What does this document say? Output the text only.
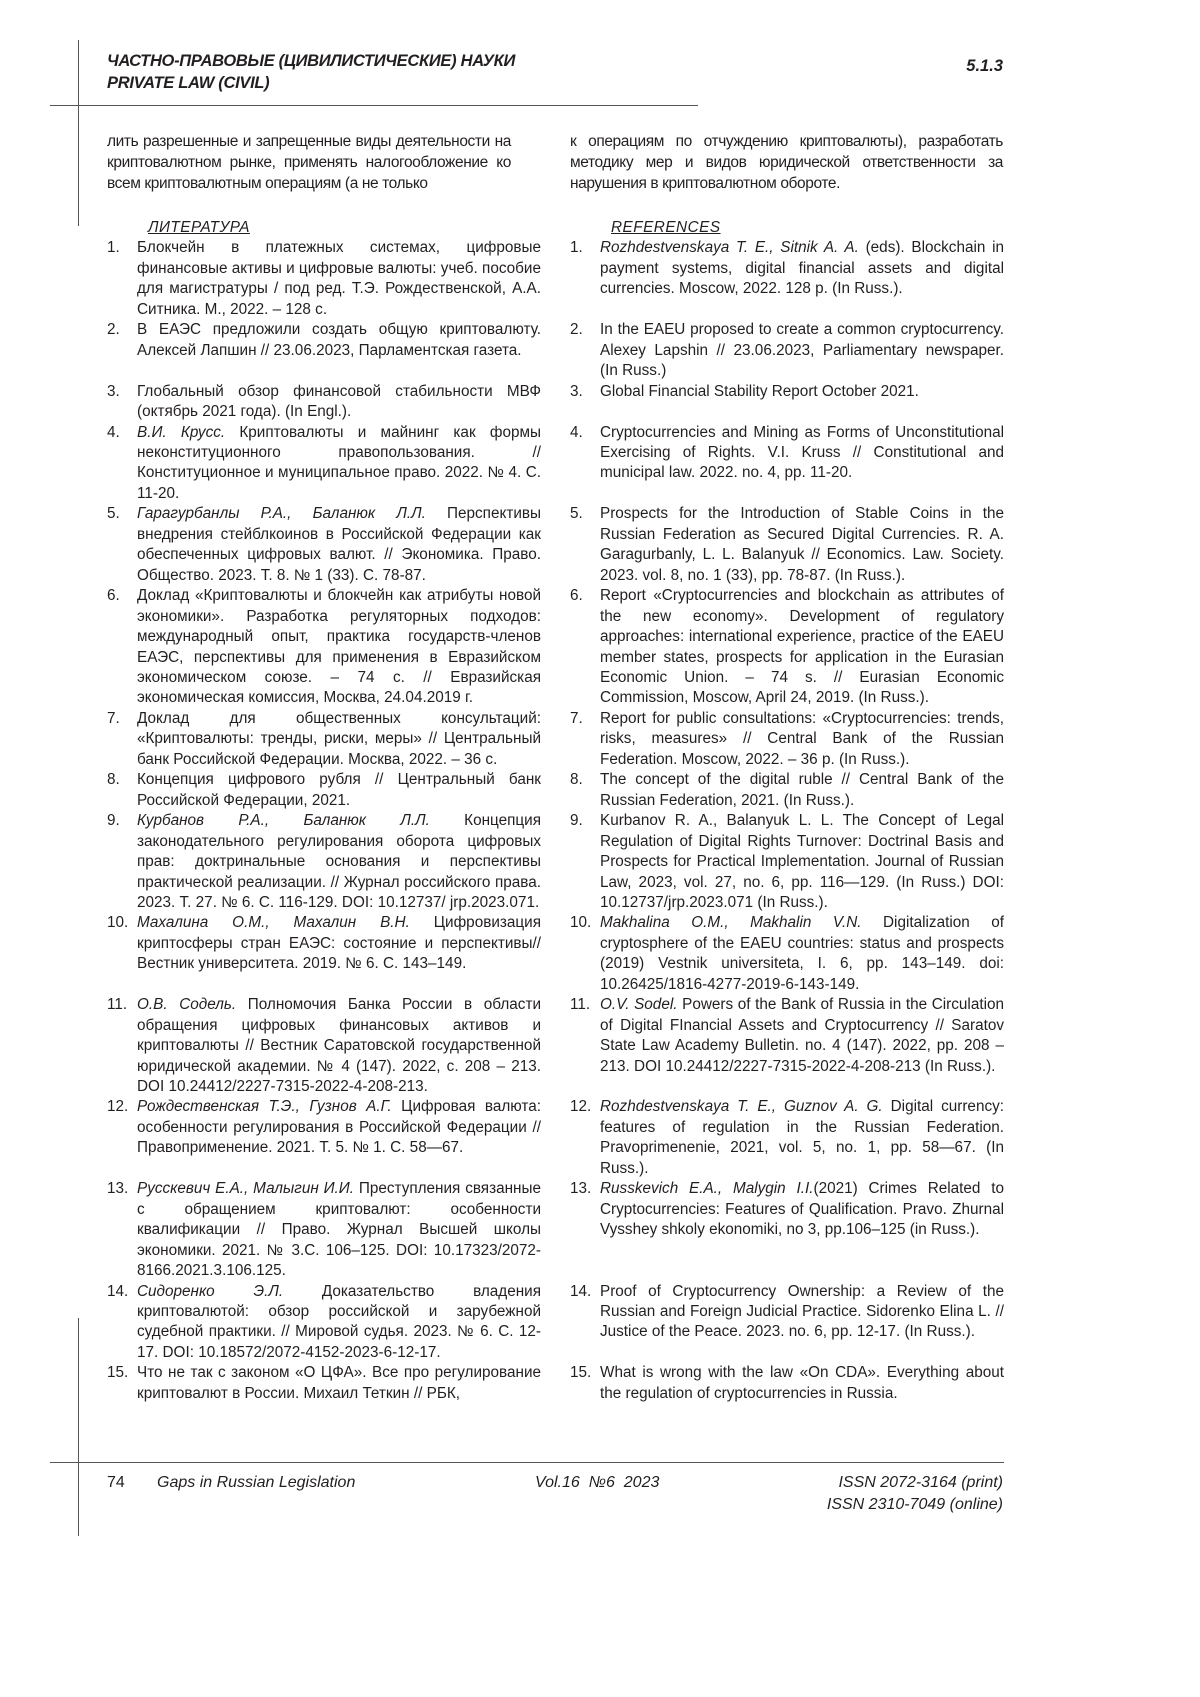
ЧАСТНО-ПРАВОВЫЕ (ЦИВИЛИСТИЧЕСКИЕ) НАУКИ
PRIVATE LAW (CIVIL)
5.1.3
лить разрешенные и запрещенные виды деятельности на криптовалютном рынке, применять налогообложение ко всем криптовалютным операциям (а не только
к операциям по отчуждению криптовалюты), разработать методику мер и видов юридической ответственности за нарушения в криптовалютном обороте.
ЛИТЕРАТУРА	REFERENCES
1.	Блокчейн в платежных системах, цифровые финансовые активы и цифровые валюты: учеб. пособие для магистратуры / под ред. Т.Э. Рождественской, А.А. Ситника. М., 2022. – 128 с.
1.	Rozhdestvenskaya T. E., Sitnik A. A. (eds). Blockchain in payment systems, digital financial assets and digital currencies. Moscow, 2022. 128 p. (In Russ.).
2.	В ЕАЭС предложили создать общую криптовалюту. Алексей Лапшин // 23.06.2023, Парламентская газета.
2.	In the EAEU proposed to create a common cryptocurrency. Alexey Lapshin // 23.06.2023, Parliamentary newspaper. (In Russ.)
3.	Глобальный обзор финансовой стабильности МВФ (октябрь 2021 года). (In Engl.).
3.	Global Financial Stability Report October 2021.
4.	В.И. Крусс. Криптовалюты и майнинг как формы неконституционного правопользования. // Конституционное и муниципальное право. 2022. № 4. С. 11-20.
4.	Cryptocurrencies and Mining as Forms of Unconstitutional Exercising of Rights. V.I. Kruss // Constitutional and municipal law. 2022. no. 4, pp. 11-20.
5.	Гарагурбанлы Р.А., Баланюк Л.Л. Перспективы внедрения стейблкоинов в Российской Федерации как обеспеченных цифровых валют. // Экономика. Право. Общество. 2023. Т. 8. № 1 (33). С. 78-87.
5.	Prospects for the Introduction of Stable Coins in the Russian Federation as Secured Digital Currencies. R. A. Garagurbanly, L. L. Balanyuk // Economics. Law. Society. 2023. vol. 8, no. 1 (33), pp. 78-87. (In Russ.).
6.	Доклад «Криптовалюты и блокчейн как атрибуты новой экономики». Разработка регуляторных подходов: международный опыт, практика государств-членов ЕАЭС, перспективы для применения в Евразийском экономическом союзе. – 74 с. // Евразийская экономическая комиссия, Москва, 24.04.2019 г.
6.	Report «Cryptocurrencies and blockchain as attributes of the new economy». Development of regulatory approaches: international experience, practice of the EAEU member states, prospects for application in the Eurasian Economic Union. – 74 s. // Eurasian Economic Commission, Moscow, April 24, 2019. (In Russ.).
7.	Доклад для общественных консультаций: «Криптовалюты: тренды, риски, меры» // Центральный банк Российской Федерации. Москва, 2022. – 36 с.
7.	Report for public consultations: «Cryptocurrencies: trends, risks, measures» // Central Bank of the Russian Federation. Moscow, 2022. – 36 p. (In Russ.).
8.	Концепция цифрового рубля // Центральный банк Российской Федерации, 2021.
8.	The concept of the digital ruble // Central Bank of the Russian Federation, 2021. (In Russ.).
9.	Курбанов Р.А., Баланюк Л.Л. Концепция законодательного регулирования оборота цифровых прав: доктринальные основания и перспективы практической реализации. // Журнал российского права. 2023. Т. 27. № 6. С. 116-129. DOI: 10.12737/ jrp.2023.071.
9.	Kurbanov R. A., Balanyuk L. L. The Concept of Legal Regulation of Digital Rights Turnover: Doctrinal Basis and Prospects for Practical Implementation. Journal of Russian Law, 2023, vol. 27, no. 6, pp. 116—129. (In Russ.) DOI: 10.12737/jrp.2023.071 (In Russ.).
10. Махалина О.М., Махалин В.Н. Цифровизация криптосферы стран ЕАЭС: состояние и перспективы//Вестник университета. 2019. № 6. С. 143–149.
10. Makhalina O.M., Makhalin V.N. Digitalization of cryptosphere of the EAEU countries: status and prospects (2019) Vestnik universiteta, I. 6, pp. 143–149. doi: 10.26425/1816-4277-2019-6-143-149.
11. О.В. Содель. Полномочия Банка России в области обращения цифровых финансовых активов и криптовалюты // Вестник Саратовской государственной юридической академии. № 4 (147). 2022, с. 208 – 213. DOI 10.24412/2227-7315-2022-4-208-213.
11. O.V. Sodel. Powers of the Bank of Russia in the Circulation of Digital FInancial Assets and Cryptocurrency // Saratov State Law Academy Bulletin. no. 4 (147). 2022, pp. 208 – 213. DOI 10.24412/2227-7315-2022-4-208-213 (In Russ.).
12. Рождественская Т.Э., Гузнов А.Г. Цифровая валюта: особенности регулирования в Российской Федерации // Правоприменение. 2021. Т. 5. № 1. С. 58—67.
12. Rozhdestvenskaya T. E., Guznov A. G. Digital currency: features of regulation in the Russian Federation. Pravoprimenenie, 2021, vol. 5, no. 1, pp. 58—67. (In Russ.).
13. Русскевич Е.А., Малыгин И.И. Преступления связанные с обращением криптовалют: особенности квалификации // Право. Журнал Высшей школы экономики. 2021. № 3.С. 106–125. DOI: 10.17323/2072-8166.2021.3.106.125.
13. Russkevich E.A., Malygin I.I.(2021) Crimes Related to Cryptocurrencies: Features of Qualification. Pravo. Zhurnal Vysshey shkoly ekonomiki, no 3, pp.106–125 (in Russ.).
14. Сидоренко Э.Л. Доказательство владения криптовалютой: обзор российской и зарубежной судебной практики. // Мировой судья. 2023. № 6. С. 12-17. DOI: 10.18572/2072-4152-2023-6-12-17.
14. Proof of Cryptocurrency Ownership: a Review of the Russian and Foreign Judicial Practice. Sidorenko Elina L. // Justice of the Peace. 2023. no. 6, pp. 12-17. (In Russ.).
15. Что не так с законом «О ЦФА». Все про регулирование криптовалют в России. Михаил Теткин // РБК,
15. What is wrong with the law «On CDA». Everything about the regulation of cryptocurrencies in Russia.
74 Gaps in Russian Legislation	Vol.16  №6  2023	ISSN 2072-3164 (print)
ISSN 2310-7049 (online)
